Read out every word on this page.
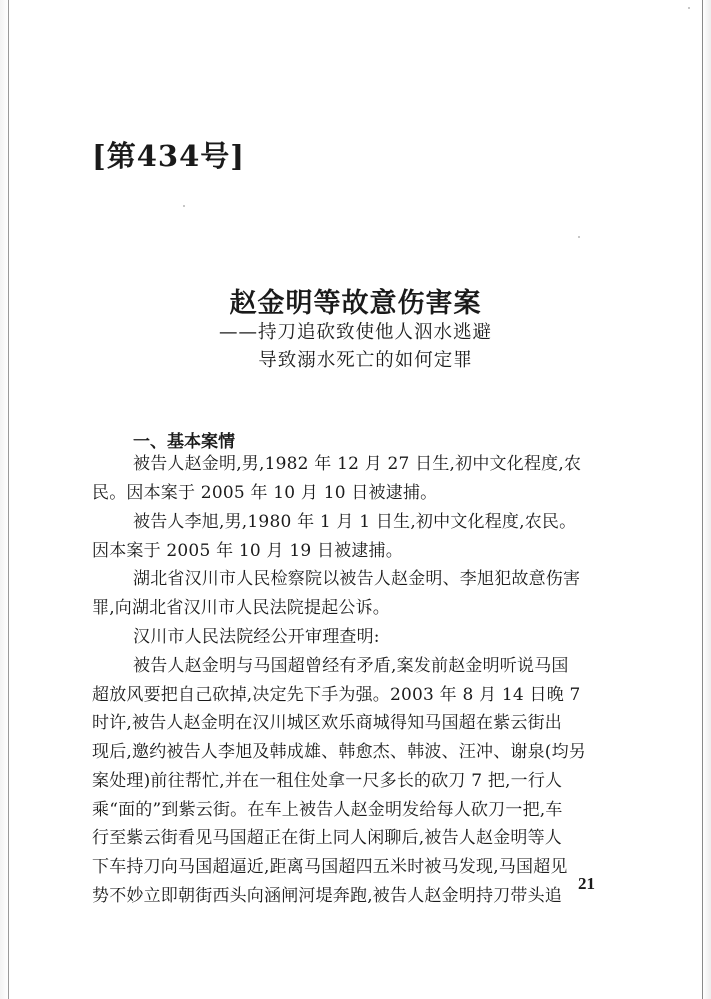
[第434号]
赵金明等故意伤害案
——持刀追砍致使他人泅水逃避
导致溺水死亡的如何定罪
一、基本案情
被告人赵金明,男,1982 年 12 月 27 日生,初中文化程度,农
民。因本案于 2005 年 10 月 10 日被逮捕。
被告人李旭,男,1980 年 1 月 1 日生,初中文化程度,农民。
因本案于 2005 年 10 月 19 日被逮捕。
湖北省汉川市人民检察院以被告人赵金明、李旭犯故意伤害
罪,向湖北省汉川市人民法院提起公诉。
汉川市人民法院经公开审理查明:
被告人赵金明与马国超曾经有矛盾,案发前赵金明听说马国
超放风要把自己砍掉,决定先下手为强。2003 年 8 月 14 日晚 7
时许,被告人赵金明在汉川城区欢乐商城得知马国超在紫云街出
现后,邀约被告人李旭及韩成雄、韩愈杰、韩波、汪冲、谢泉(均另
案处理)前往帮忙,并在一租住处拿一尺多长的砍刀 7 把,一行人
乘“面的”到紫云街。在车上被告人赵金明发给每人砍刀一把,车
行至紫云街看见马国超正在街上同人闲聊后,被告人赵金明等人
下车持刀向马国超逼近,距离马国超四五米时被马发现,马国超见
势不妙立即朝街西头向涵闸河堤奔跑,被告人赵金明持刀带头追
21
